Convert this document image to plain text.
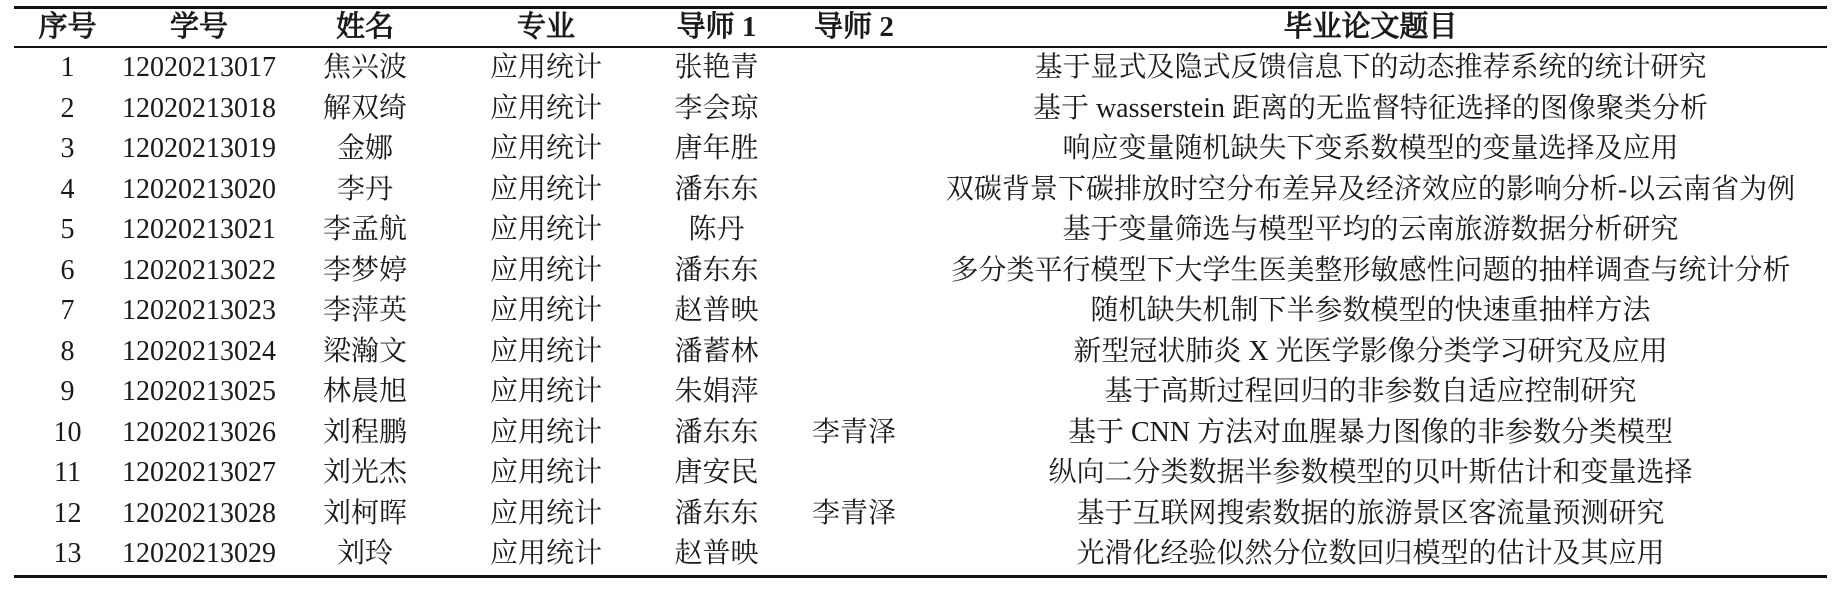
序号	学号	姓名	专业	导师 1	导师 2	毕业论文题目
1	12020213017	焦兴波	应用统计	张艳青		基于显式及隐式反馈信息下的动态推荐系统的统计研究
2	12020213018	解双绮	应用统计	李会琼		基于 wasserstein 距离的无监督特征选择的图像聚类分析
3	12020213019	金娜	应用统计	唐年胜		响应变量随机缺失下变系数模型的变量选择及应用
4	12020213020	李丹	应用统计	潘东东		双碳背景下碳排放时空分布差异及经济效应的影响分析-以云南省为例
5	12020213021	李孟航	应用统计	陈丹		基于变量筛选与模型平均的云南旅游数据分析研究
6	12020213022	李梦婷	应用统计	潘东东		多分类平行模型下大学生医美整形敏感性问题的抽样调查与统计分析
7	12020213023	李萍英	应用统计	赵普映		随机缺失机制下半参数模型的快速重抽样方法
8	12020213024	梁瀚文	应用统计	潘蓄林		新型冠状肺炎 X 光医学影像分类学习研究及应用
9	12020213025	林晨旭	应用统计	朱娟萍		基于高斯过程回归的非参数自适应控制研究
10	12020213026	刘程鹏	应用统计	潘东东	李青泽	基于 CNN 方法对血腥暴力图像的非参数分类模型
11	12020213027	刘光杰	应用统计	唐安民		纵向二分类数据半参数模型的贝叶斯估计和变量选择
12	12020213028	刘柯晖	应用统计	潘东东	李青泽	基于互联网搜索数据的旅游景区客流量预测研究
13	12020213029	刘玲	应用统计	赵普映		光滑化经验似然分位数回归模型的估计及其应用
